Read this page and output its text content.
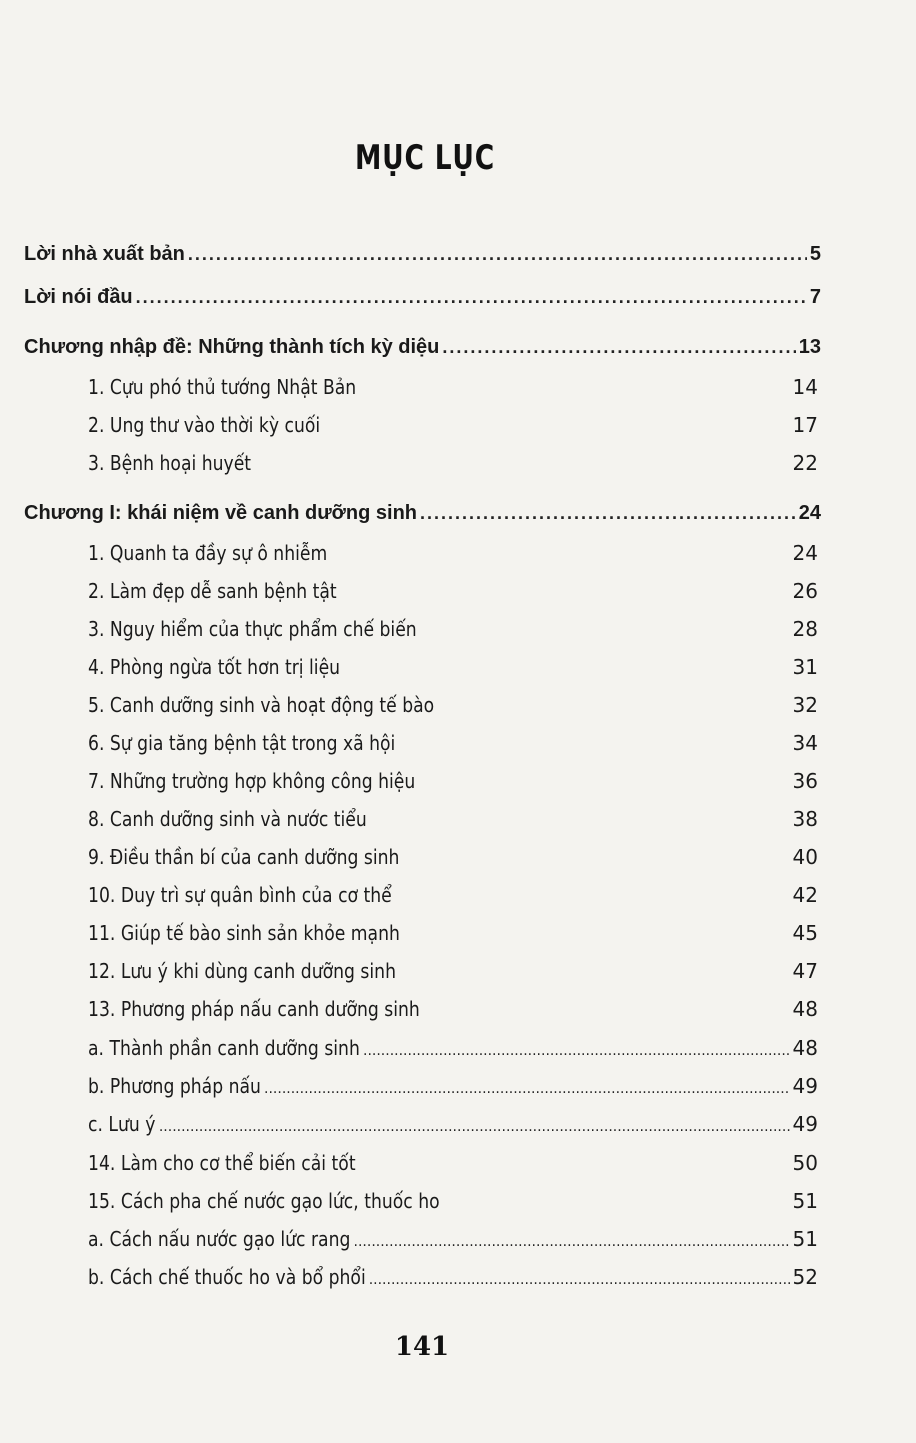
MỤC LỤC
Lời nhà xuất bản .....	5
Lời nói đầu .....	7
Chương nhập đề: Những thành tích kỳ diệu .....	13
1. Cựu phó thủ tướng Nhật Bản	14
2. Ung thư vào thời kỳ cuối	17
3. Bệnh hoại huyết	22
Chương I: khái niệm về canh dưỡng sinh .....	24
1. Quanh ta đầy sự ô nhiễm	24
2. Làm đẹp dễ sanh bệnh tật	26
3. Nguy hiểm của thực phẩm chế biến	28
4. Phòng ngừa tốt hơn trị liệu	31
5. Canh dưỡng sinh và hoạt động tế bào	32
6. Sự gia tăng bệnh tật trong xã hội	34
7. Những trường hợp không công hiệu	36
8. Canh dưỡng sinh và nước tiểu	38
9. Điều thần bí của canh dưỡng sinh	40
10. Duy trì sự quân bình của cơ thể	42
11. Giúp tế bào sinh sản khỏe mạnh	45
12. Lưu ý khi dùng canh dưỡng sinh	47
13. Phương pháp nấu canh dưỡng sinh	48
a. Thành phần canh dưỡng sinh .....	48
b. Phương pháp nấu .....	49
c. Lưu ý .....	49
14. Làm cho cơ thể biến cải tốt	50
15. Cách pha chế nước gạo lức, thuốc ho	51
a. Cách nấu nước gạo lức rang .....	51
b. Cách chế thuốc ho và bổ phổi .....	52
141
